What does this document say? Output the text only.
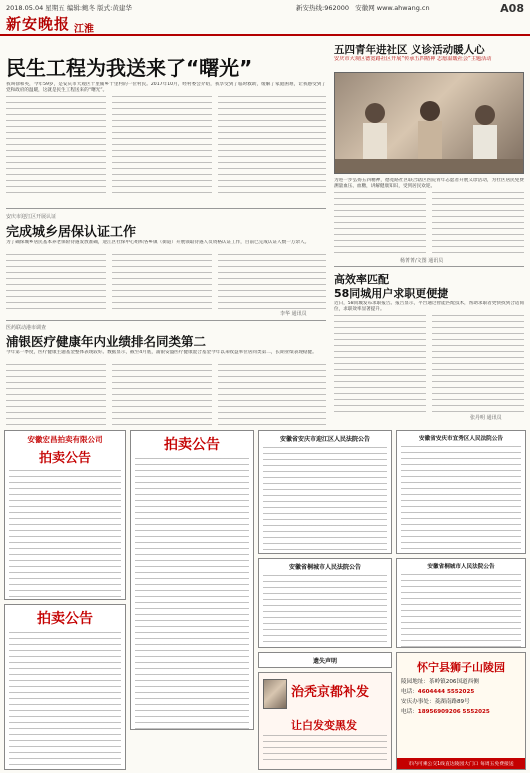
2018.05.04 星期五 编辑:鲍冬 版式:黄建华
新安晚报 江淮
新安热线:962000 安徽网 www.ahwang.cn	A08
民生工程为我送来了“曙光”
我叫徐和英，今年59岁，是安庆市大观区十里铺乡十里村的一位村民。2017年10月，经村委会介绍，我享受到了临时救助，缓解了家庭困难，让我感受到了党和政府的温暖，这就是民生工程送来的“曙光”。
安庆市迎江区开展认证
完成城乡居保认证工作
为了确保城乡居民基本养老保险待遇发放准确，迎江区社保中心组织各乡镇（街道）开展领取待遇人员资格认证工作，目前已完成认证人数一万余人。
李华 通讯员
医药联动港市调查
浦银医疗健康年内业绩排名同类第二
今年第一季度，医疗健康主题基金整体表现较好。数据显示，截至4月底，浦银安盛医疗健康混合基金今年以来收益率位居同类第二，长期业绩表现稳健。
五四青年进社区 义诊活动暖人心
安庆市大观区德宽路社区开展“传承五四精神 志愿温暖社会”主题活动
为进一步弘扬五四精神，德宽路社区联合辖区医院青年志愿者开展义诊活动，为社区居民免费测量血压、血糖，讲解健康知识，受到居民欢迎。
杨菁菁/文图 通讯员
高效率匹配
58同城用户求职更便捷
近日，58同城发布求职报告。报告显示，平台通过智能匹配技术，帮助求职者更快找到合适岗位，求职效率显著提升。
张丹明 通讯员
安徽宏昌拍卖有限公司
拍卖公告
拍卖公告	安徽省安庆市迎江区人民法院公告	安徽省安庆市宜秀区人民法院公告
安徽省桐城市人民法院公告	安徽省桐城市人民法院公告
拍卖公告
遗失声明
治秃京都补发
让白发变黑发
怀宁县狮子山陵园
陵园地址：茶岭镇206国道西侧
电话：4604444 5552025
安庆办事处：菱湖南路89号
电话：18956909206 5552025
市内可乘公交1线直达陵园大门口 每周五免费接送
